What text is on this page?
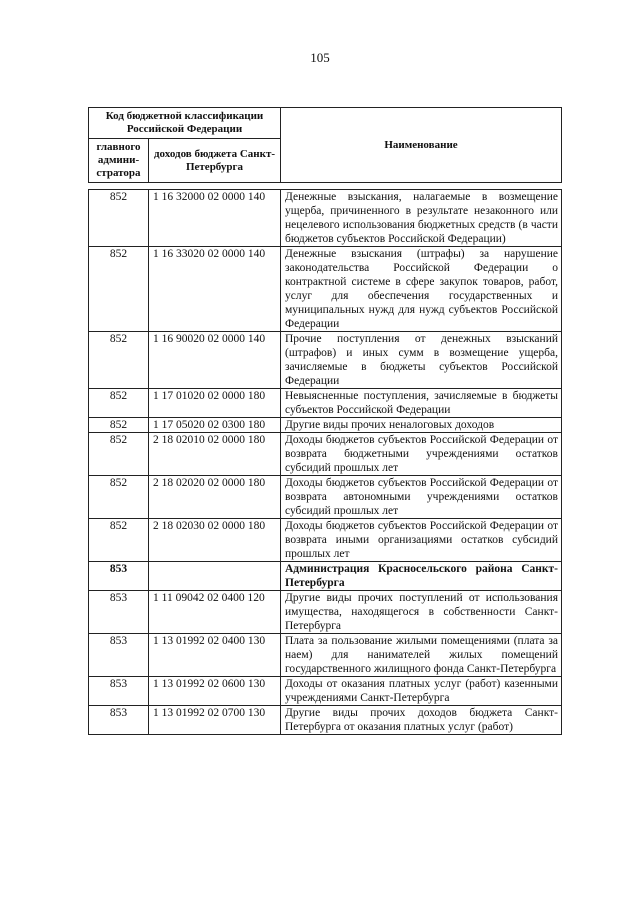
105
Код бюджетной классификации Российской Федерации		Наименование
главного админи-стратора	доходов бюджета Санкт-Петербурга	
852	1 16 32000 02 0000 140	Денежные взыскания, налагаемые в возмещение ущерба, причиненного в результате незаконного или нецелевого использования бюджетных средств (в части бюджетов субъектов Российской Федерации)
852	1 16 33020 02 0000 140	Денежные взыскания (штрафы) за нарушение законодательства Российской Федерации о контрактной системе в сфере закупок товаров, работ, услуг для обеспечения государственных и муниципальных нужд для нужд субъектов Российской Федерации
852	1 16 90020 02 0000 140	Прочие поступления от денежных взысканий (штрафов) и иных сумм в возмещение ущерба, зачисляемые в бюджеты субъектов Российской Федерации
852	1 17 01020 02 0000 180	Невыясненные поступления, зачисляемые в бюджеты субъектов Российской Федерации
852	1 17 05020 02 0300 180	Другие виды прочих неналоговых доходов
852	2 18 02010 02 0000 180	Доходы бюджетов субъектов Российской Федерации от возврата бюджетными учреждениями остатков субсидий прошлых лет
852	2 18 02020 02 0000 180	Доходы бюджетов субъектов Российской Федерации от возврата автономными учреждениями остатков субсидий прошлых лет
852	2 18 02030 02 0000 180	Доходы бюджетов субъектов Российской Федерации от возврата иными организациями остатков субсидий прошлых лет
853		Администрация Красносельского района Санкт-Петербурга
853	1 11 09042 02 0400 120	Другие виды прочих поступлений от использования имущества, находящегося в собственности Санкт-Петербурга
853	1 13 01992 02 0400 130	Плата за пользование жилыми помещениями (плата за наем) для нанимателей жилых помещений государственного жилищного фонда Санкт-Петербурга
853	1 13 01992 02 0600 130	Доходы от оказания платных услуг (работ) казенными учреждениями Санкт-Петербурга
853	1 13 01992 02 0700 130	Другие виды прочих доходов бюджета Санкт-Петербурга от оказания платных услуг (работ)
